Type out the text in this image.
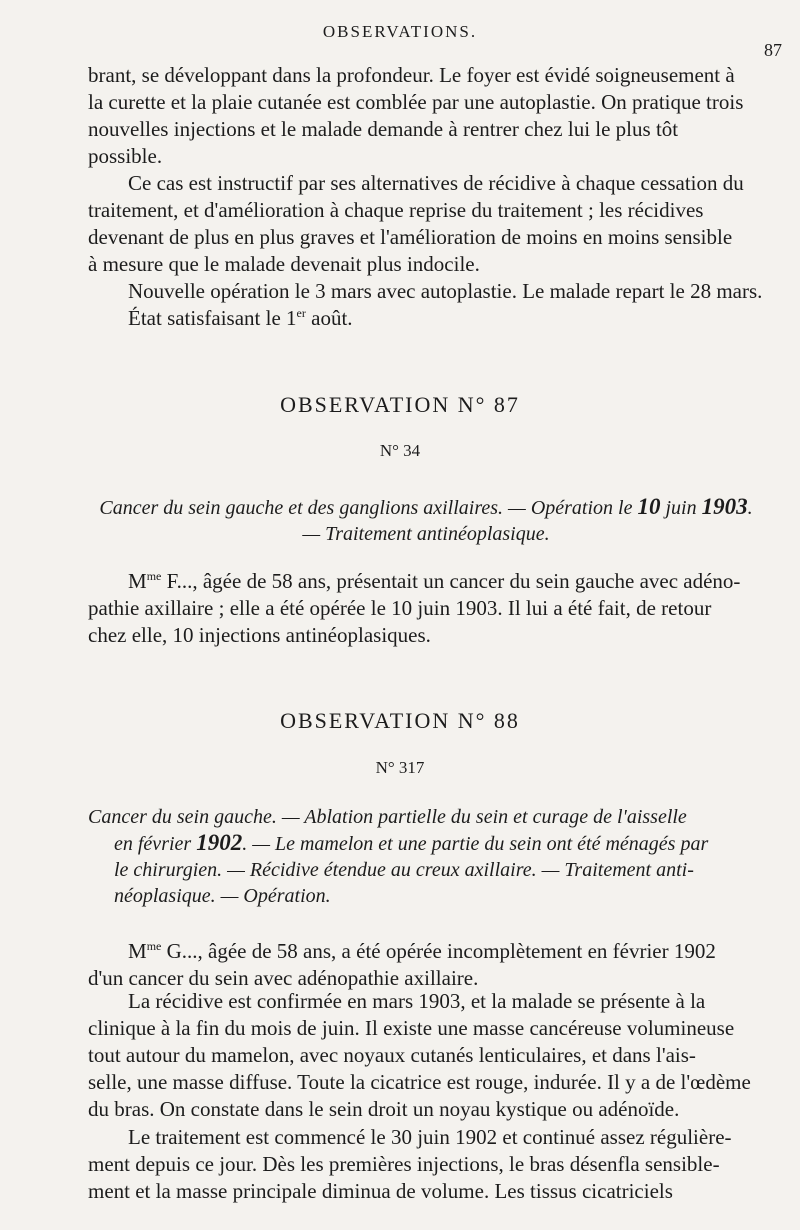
OBSERVATIONS.
87

brant, se développant dans la profondeur. Le foyer est évidé soigneusement à

la curette et la plaie cutanée est comblée par une autoplastie. On pratique trois

nouvelles injections et le malade demande à rentrer chez lui le plus tôt

possible.

Ce cas est instructif par ses alternatives de récidive à chaque cessation du

traitement, et d'amélioration à chaque reprise du traitement ; les récidives

devenant de plus en plus graves et l'amélioration de moins en moins sensible

à mesure que le malade devenait plus indocile.

Nouvelle opération le 3 mars avec autoplastie. Le malade repart le 28 mars.

État satisfaisant le 1er août.

OBSERVATION N° 87
N° 34
Cancer du sein gauche et des ganglions axillaires. — Opération le 10 juin 1903.
— Traitement antinéoplasique.

$M^{me}$ F..., âgée de 58 ans, présentait un cancer du sein gauche avec adéno-

pathie axillaire ; elle a été opérée le 10 juin 1903. Il lui a été fait, de retour

chez elle, 10 injections antinéoplasiques.

OBSERVATION N° 88
N° 317
Cancer du sein gauche. — Ablation partielle du sein et curage de l'aisselle
en février 1902. — Le mamelon et une partie du sein ont été ménagés par
le chirurgien. — Récidive étendue au creux axillaire. — Traitement anti-
néoplasique. — Opération.

$M^{me}$ G..., âgée de 58 ans, a été opérée incomplètement en février 1902

d'un cancer du sein avec adénopathie axillaire.

La récidive est confirmée en mars 1903, et la malade se présente à la

clinique à la fin du mois de juin. Il existe une masse cancéreuse volumineuse

tout autour du mamelon, avec noyaux cutanés lenticulaires, et dans l'ais-

selle, une masse diffuse. Toute la cicatrice est rouge, indurée. Il y a de l'œdème

du bras. On constate dans le sein droit un noyau kystique ou adénoïde.

Le traitement est commencé le 30 juin 1902 et continué assez régulière-

ment depuis ce jour. Dès les premières injections, le bras désenfla sensible-

ment et la masse principale diminua de volume. Les tissus cicatriciels
